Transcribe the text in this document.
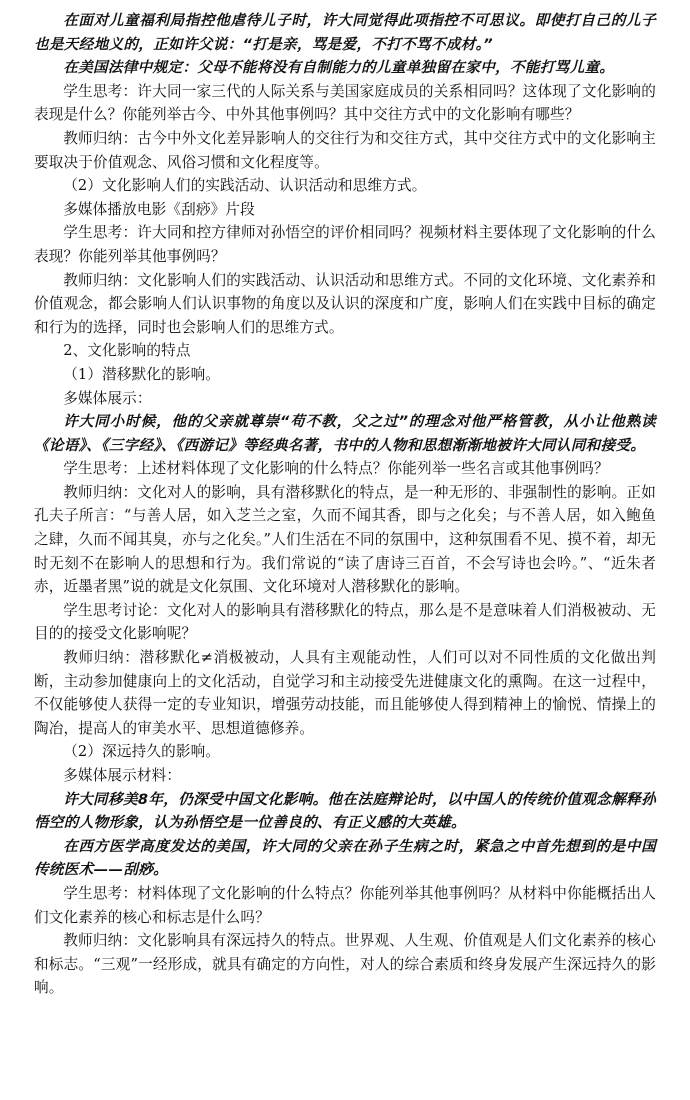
在面对儿童福利局指控他虐待儿子时，许大同觉得此项指控不可思议。即使打自己的儿子也是天经地义的，正如许父说：“打是亲，骂是爱，不打不骂不成材。”

在美国法律中规定：父母不能将没有自制能力的儿童单独留在家中，不能打骂儿童。

学生思考：许大同一家三代的人际关系与美国家庭成员的关系相同吗？这体现了文化影响的表现是什么？你能列举古今、中外其他事例吗？其中交往方式中的文化影响有哪些？

教师归纳：古今中外文化差异影响人的交往行为和交往方式，其中交往方式中的文化影响主要取决于价值观念、风俗习惯和文化程度等。

（2）文化影响人们的实践活动、认识活动和思维方式。

多媒体播放电影《刮痧》片段

学生思考：许大同和控方律师对孙悟空的评价相同吗？视频材料主要体现了文化影响的什么表现？你能列举其他事例吗？

教师归纳：文化影响人们的实践活动、认识活动和思维方式。不同的文化环境、文化素养和价值观念，都会影响人们认识事物的角度以及认识的深度和广度，影响人们在实践中目标的确定和行为的选择，同时也会影响人们的思维方式。

2、文化影响的特点

（1）潜移默化的影响。

多媒体展示：

许大同小时候，他的父亲就尊崇“苟不教，父之过”的理念对他严格管教，从小让他熟读《论语》、《三字经》、《西游记》等经典名著，书中的人物和思想渐渐地被许大同认同和接受。

学生思考：上述材料体现了文化影响的什么特点？你能列举一些名言或其他事例吗？

教师归纳：文化对人的影响，具有潜移默化的特点，是一种无形的、非强制性的影响。正如孔夫子所言：“与善人居，如入芝兰之室，久而不闻其香，即与之化矣；与不善人居，如入鲍鱼之肆，久而不闻其臭，亦与之化矣。”人们生活在不同的氛围中，这种氛围看不见、摸不着，却无时无刻不在影响人的思想和行为。我们常说的“读了唐诗三百首，不会写诗也会吟。”、“近朱者赤，近墨者黑”说的就是文化氛围、文化环境对人潜移默化的影响。

学生思考讨论：文化对人的影响具有潜移默化的特点，那么是不是意味着人们消极被动、无目的的接受文化影响呢？

教师归纳：潜移默化≠消极被动，人具有主观能动性，人们可以对不同性质的文化做出判断，主动参加健康向上的文化活动，自觉学习和主动接受先进健康文化的熏陶。在这一过程中，不仅能够使人获得一定的专业知识，增强劳动技能，而且能够使人得到精神上的愉悦、情操上的陶冶，提高人的审美水平、思想道德修养。

（2）深远持久的影响。

多媒体展示材料：

许大同移美8年，仍深受中国文化影响。他在法庭辩论时，以中国人的传统价值观念解释孙悟空的人物形象，认为孙悟空是一位善良的、有正义感的大英雄。

在西方医学高度发达的美国，许大同的父亲在孙子生病之时，紧急之中首先想到的是中国传统医术——刮痧。

学生思考：材料体现了文化影响的什么特点？你能列举其他事例吗？从材料中你能概括出人们文化素养的核心和标志是什么吗？

教师归纳：文化影响具有深远持久的特点。世界观、人生观、价值观是人们文化素养的核心和标志。“三观”一经形成，就具有确定的方向性，对人的综合素质和终身发展产生深远持久的影响。
